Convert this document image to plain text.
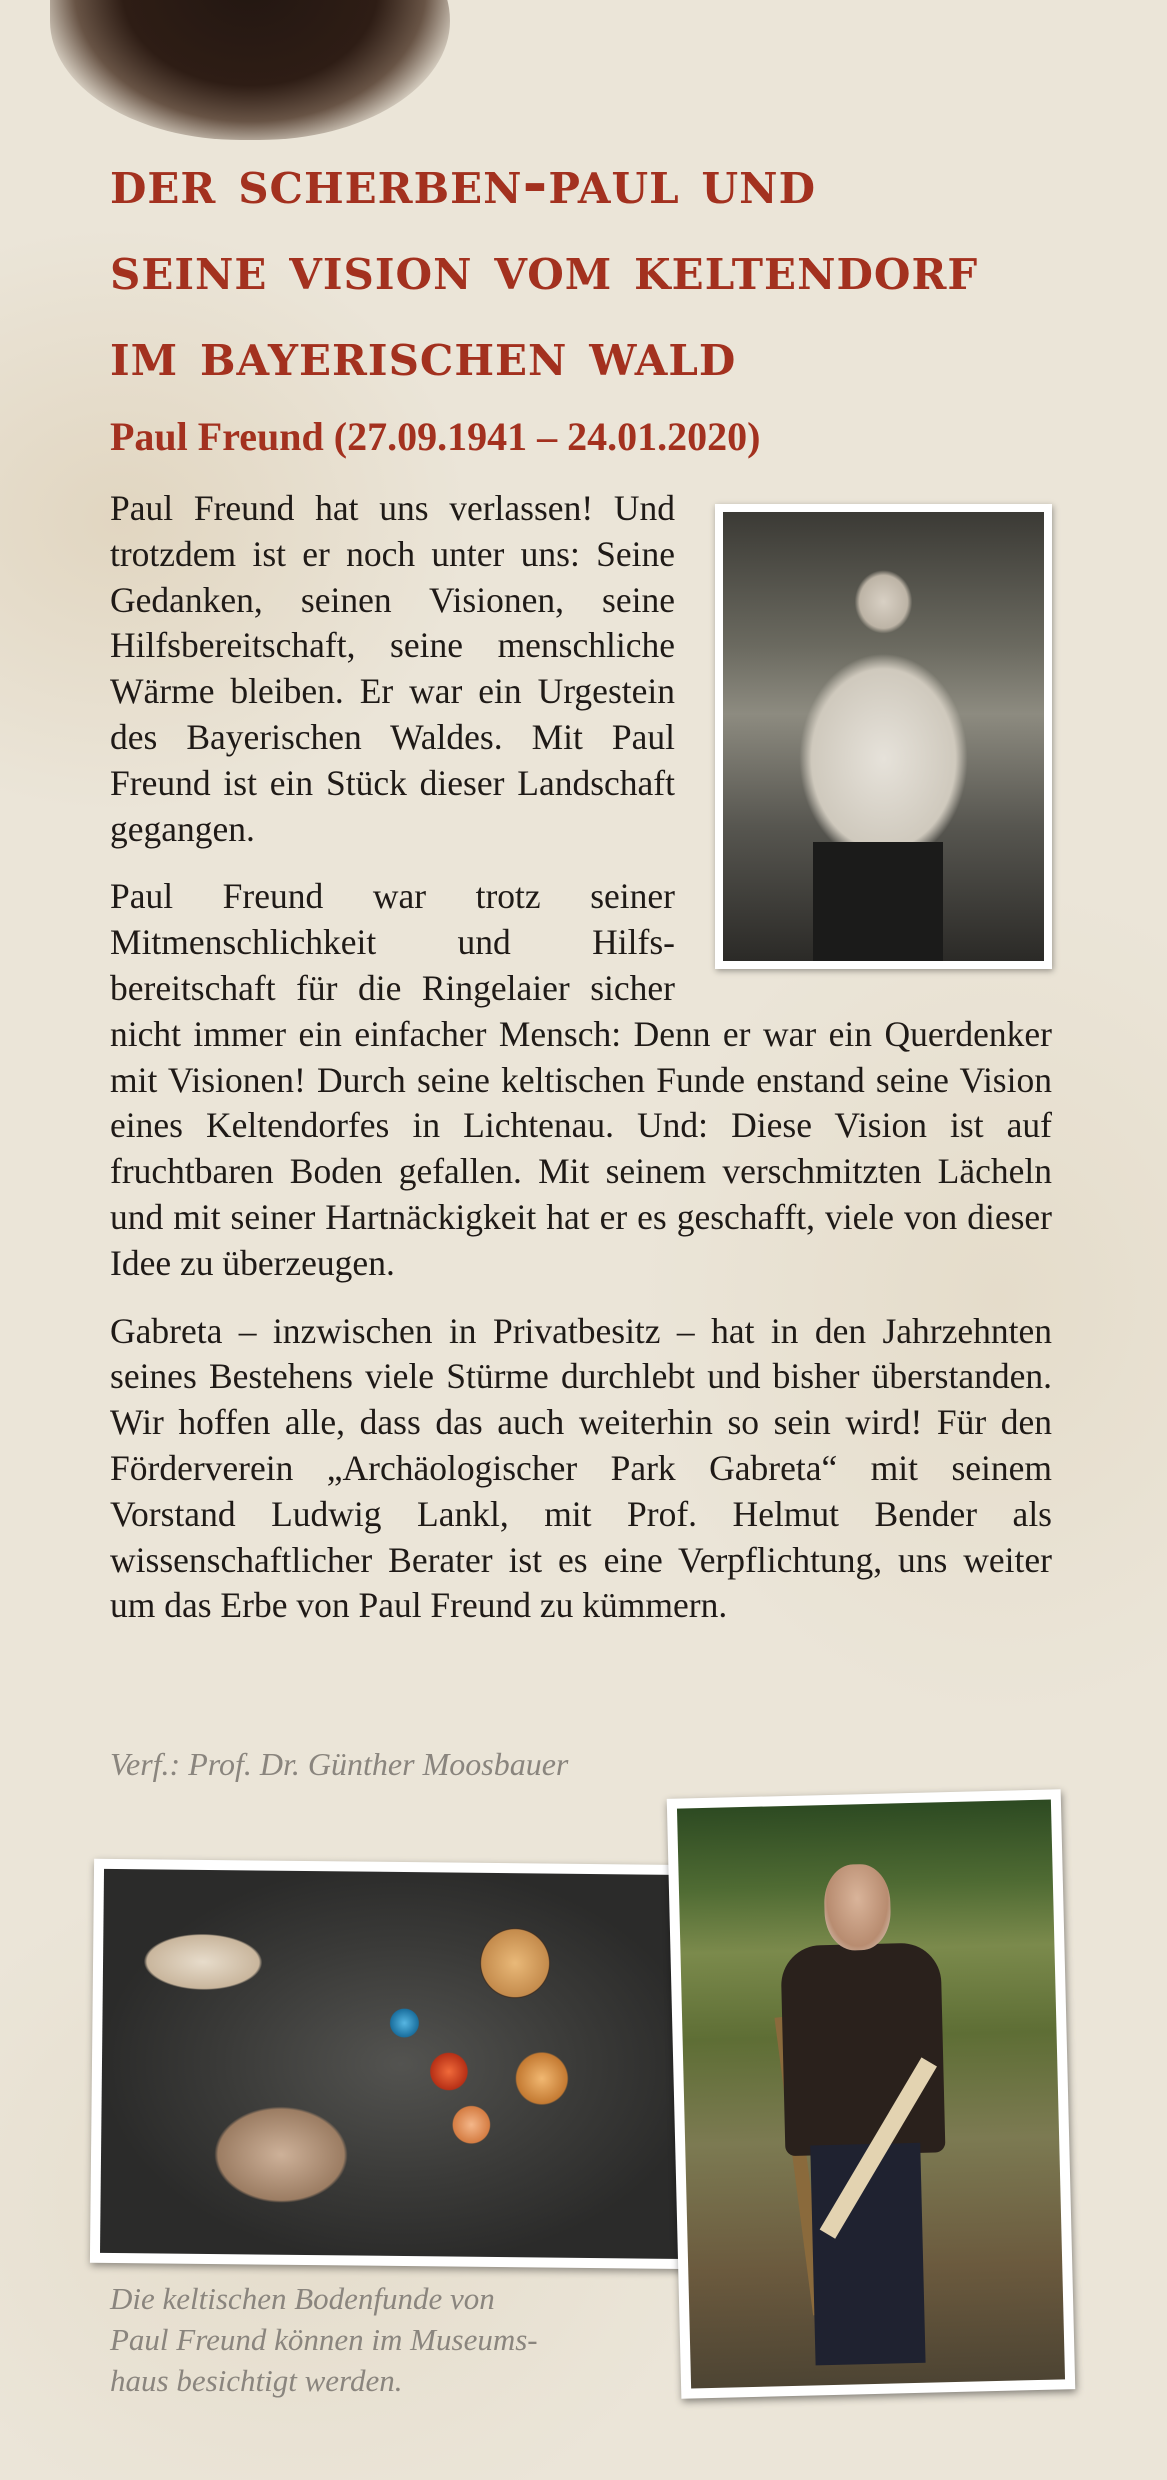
der scherben-paul und
seine vision vom keltendorf
im bayerischen wald
Paul Freund (27.09.1941 – 24.01.2020)

Paul Freund hat uns verlassen! Und trotzdem ist er noch unter uns: Seine Gedanken, seinen Visionen, seine Hilfsbereitschaft, seine menschliche Wärme bleiben. Er war ein Urgestein des Bayerischen Waldes. Mit Paul Freund ist ein Stück dieser Landschaft gegangen.

Paul Freund war trotz seiner Mitmenschlichkeit und Hilfsbereitschaft für die Ringelaier sicher nicht immer ein einfacher Mensch: Denn er war ein Querdenker mit Visionen! Durch seine keltischen Funde enstand seine Vision eines Keltendorfes in Lichtenau. Und: Diese Vision ist auf fruchtbaren Boden gefallen. Mit seinem verschmitzten Lächeln und mit seiner Hartnäckigkeit hat er es geschafft, viele von dieser Idee zu überzeugen.

Gabreta – inzwischen in Privatbesitz – hat in den Jahrzehnten seines Bestehens viele Stürme durchlebt und bisher überstanden. Wir hoffen alle, dass das auch weiterhin so sein wird! Für den Förderverein „Archäologischer Park Gabreta“ mit seinem Vorstand Ludwig Lankl, mit Prof. Helmut Bender als wissenschaftlicher Berater ist es eine Verpflichtung, uns weiter um das Erbe von Paul Freund zu kümmern.

Verf.: Prof. Dr. Günther Moosbauer

Die keltischen Bodenfunde von
Paul Freund können im Museums-
haus besichtigt werden.
